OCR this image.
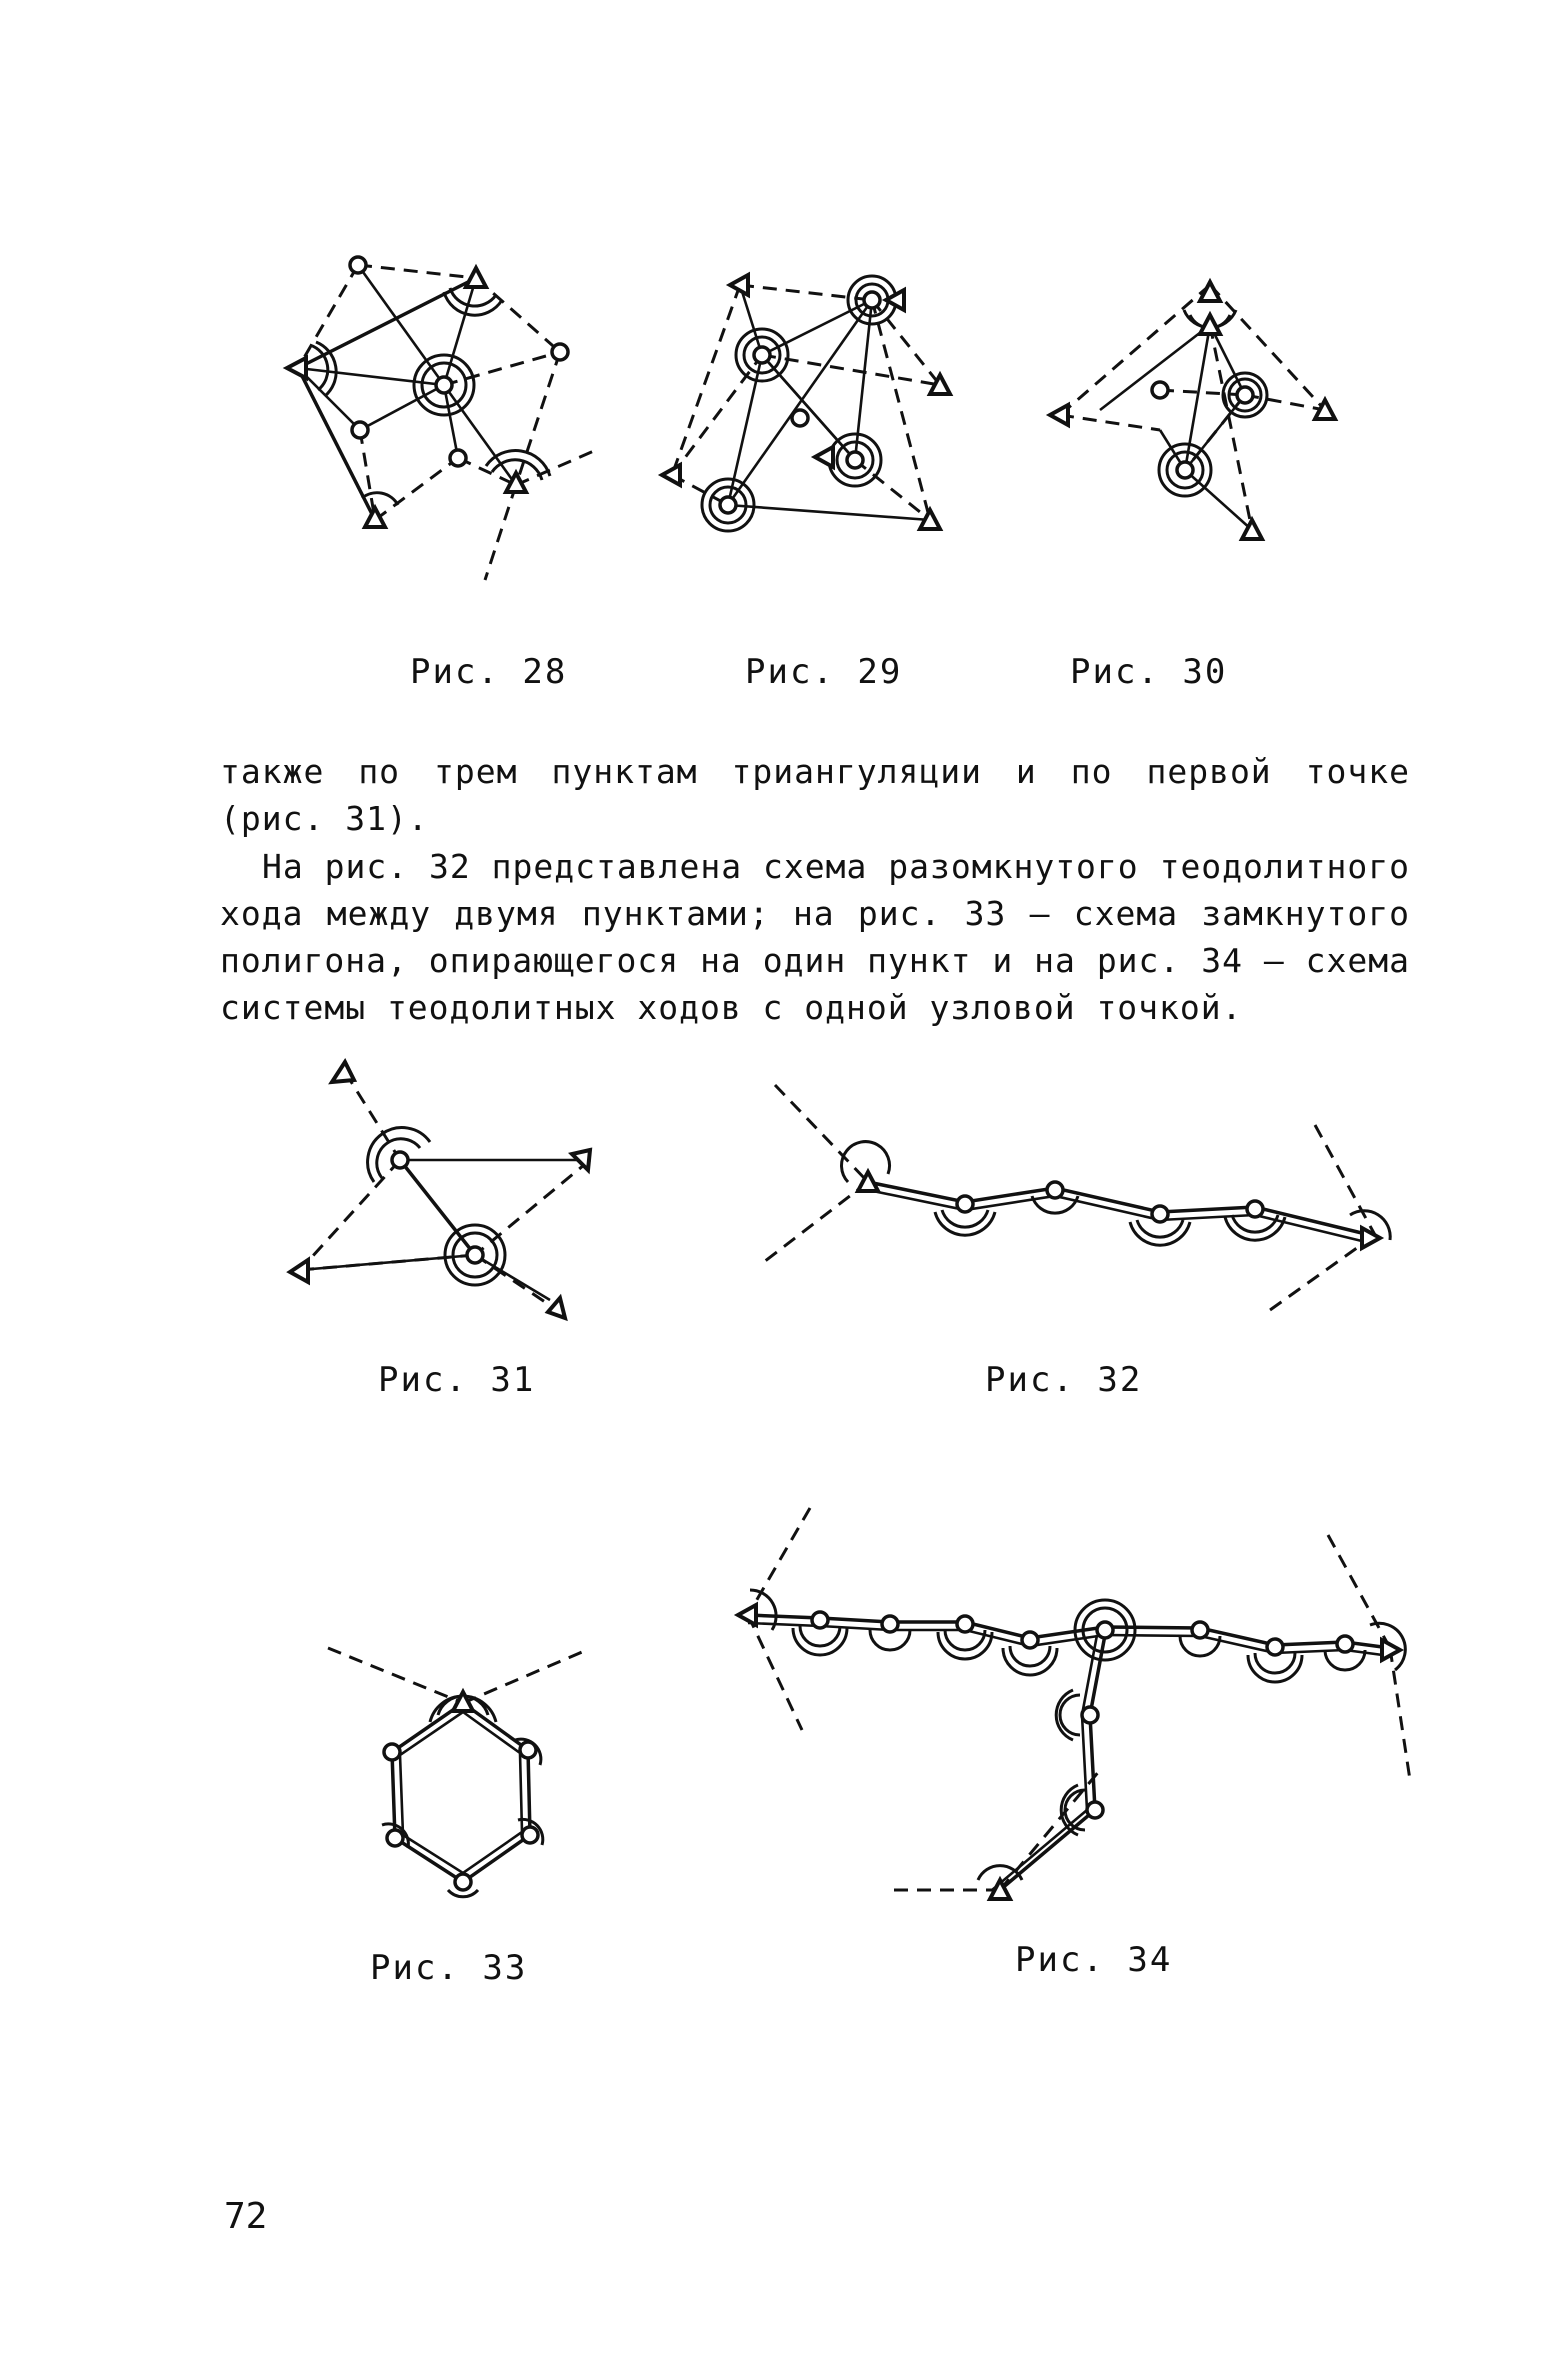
Рис. 28	Рис. 29	Рис. 30
также по трем пунктам триангуляции и по первой точке
(рис. 31).
На рис. 32 представлена схема разомкнутого теодолитного
хода между двумя пунктами; на рис. 33 – схема замкнутого
полигона, опирающегося на один пункт и на рис. 34 – схема
системы теодолитных ходов с одной узловой точкой.
Рис. 31	Рис. 32
Рис. 33	Рис. 34
72
